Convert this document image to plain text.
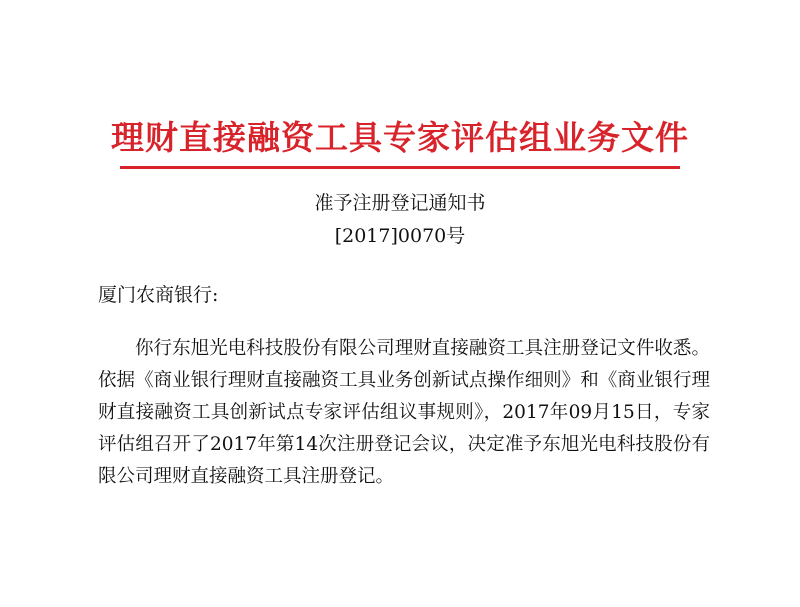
理财直接融资工具专家评估组业务文件
准予注册登记通知书
[2017]0070号
厦门农商银行:
你行东旭光电科技股份有限公司理财直接融资工具注册登记文件收悉。依据《商业银行理财直接融资工具业务创新试点操作细则》和《商业银行理财直接融资工具创新试点专家评估组议事规则》，2017年09月15日，专家评估组召开了2017年第14次注册登记会议，决定准予东旭光电科技股份有限公司理财直接融资工具注册登记。
